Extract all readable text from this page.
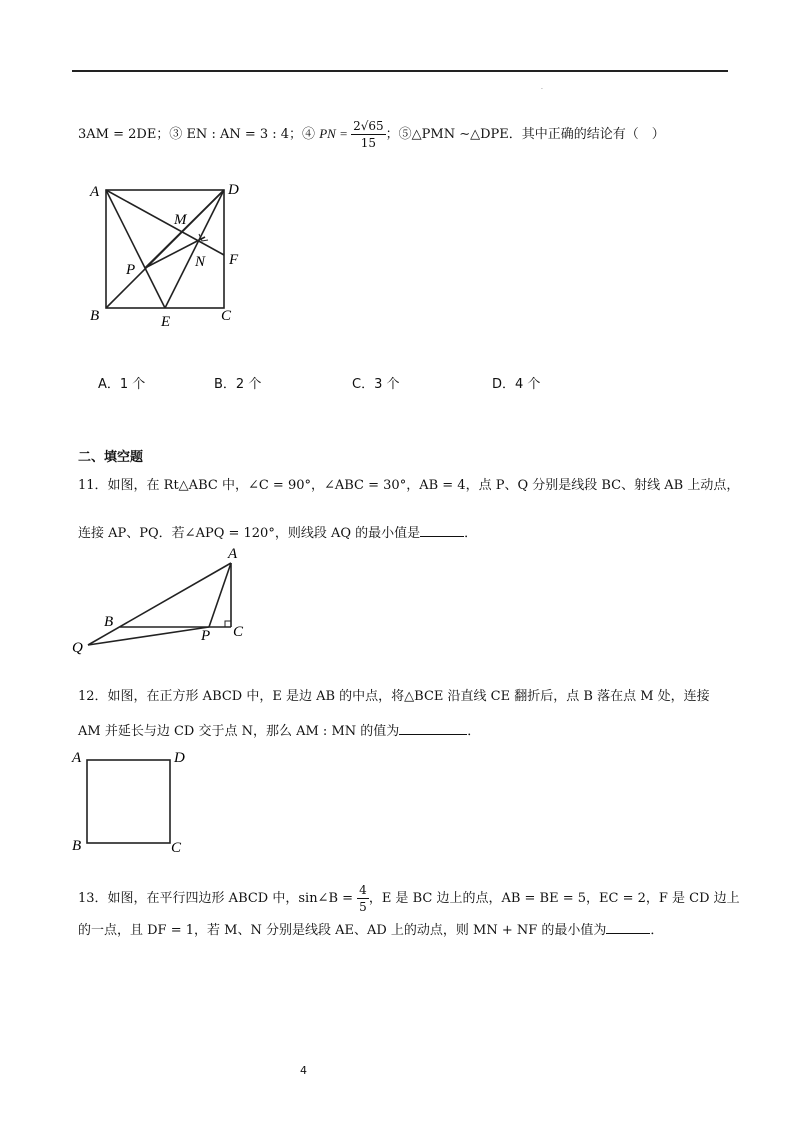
.
3AM = 2DE；③ EN : AN = 3 : 4；④ PN = $\frac{2√65}{15}$ ；⑤△PMN ∼△DPE．其中正确的结论有（　）
A	D
M
F
P	N
B	E	C
A．1 个	B．2 个	C．3 个	D．4 个
二、填空题
11．如图，在 Rt△ABC 中，∠C = 90°，∠ABC = 30°，AB = 4，点 P、Q 分别是线段 BC、射线 AB 上动点，
连接 AP、PQ．若∠APQ = 120°，则线段 AQ 的最小值是	．
A
B
P C
Q
12．如图，在正方形 ABCD 中，E 是边 AB 的中点，将△BCE 沿直线 CE 翻折后，点 B 落在点 M 处，连接
AM 并延长与边 CD 交于点 N，那么 AM : MN 的值为	．
A	D
B	C
13．如图，在平行四边形 ABCD 中，sin∠B = $\frac{4}{5}$ ，E 是 BC 边上的点，AB = BE = 5，EC = 2，F 是 CD 边上
的一点，且 DF = 1，若 M、N 分别是线段 AE、AD 上的动点，则 MN + NF 的最小值为	．
4
